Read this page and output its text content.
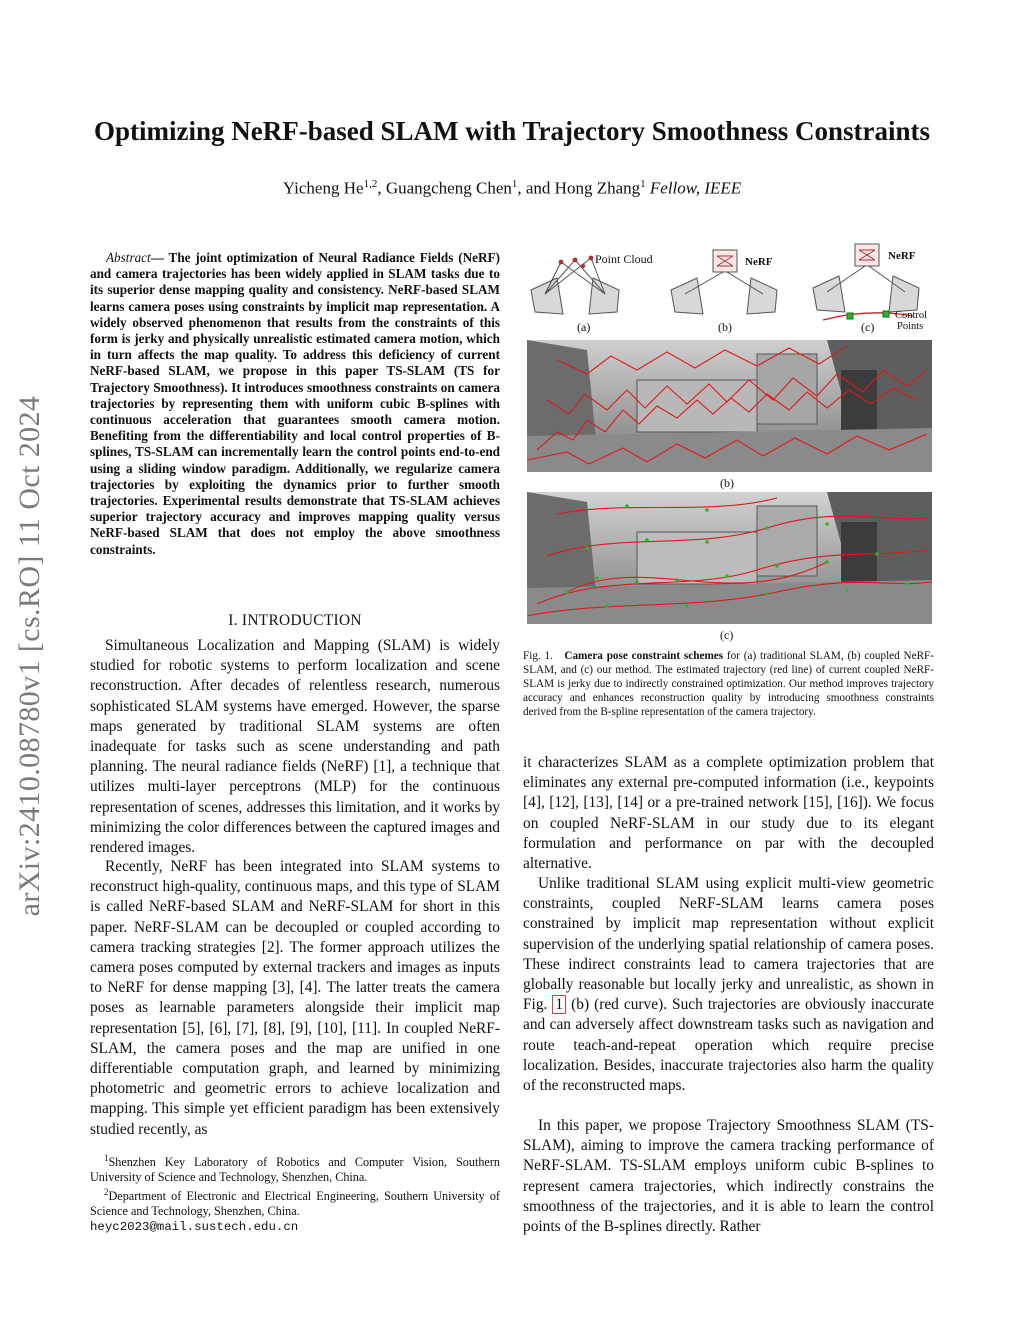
arXiv:2410.08780v1 [cs.RO] 11 Oct 2024
Optimizing NeRF-based SLAM with Trajectory Smoothness Constraints
Yicheng He$^{1,2}$, Guangcheng Chen$^1$, and Hong Zhang$^1$ Fellow, IEEE

Abstract— The joint optimization of Neural Radiance Fields (NeRF) and camera trajectories has been widely applied in SLAM tasks due to its superior dense mapping quality and consistency. NeRF-based SLAM learns camera poses using constraints by implicit map representation. A widely observed phenomenon that results from the constraints of this form is jerky and physically unrealistic estimated camera motion, which in turn affects the map quality. To address this deficiency of current NeRF-based SLAM, we propose in this paper TS-SLAM (TS for Trajectory Smoothness). It introduces smoothness constraints on camera trajectories by representing them with uniform cubic B-splines with continuous acceleration that guarantees smooth camera motion. Benefiting from the differentiability and local control properties of B-splines, TS-SLAM can incrementally learn the control points end-to-end using a sliding window paradigm. Additionally, we regularize camera trajectories by exploiting the dynamics prior to further smooth trajectories. Experimental results demonstrate that TS-SLAM achieves superior trajectory accuracy and improves mapping quality versus NeRF-based SLAM that does not employ the above smoothness constraints.

I. INTRODUCTION

Simultaneous Localization and Mapping (SLAM) is widely studied for robotic systems to perform localization and scene reconstruction. After decades of relentless research, numerous sophisticated SLAM systems have emerged. However, the sparse maps generated by traditional SLAM systems are often inadequate for tasks such as scene understanding and path planning. The neural radiance fields (NeRF) [1], a technique that utilizes multi-layer perceptrons (MLP) for the continuous representation of scenes, addresses this limitation, and it works by minimizing the color differences between the captured images and rendered images.

Recently, NeRF has been integrated into SLAM systems to reconstruct high-quality, continuous maps, and this type of SLAM is called NeRF-based SLAM and NeRF-SLAM for short in this paper. NeRF-SLAM can be decoupled or coupled according to camera tracking strategies [2]. The former approach utilizes the camera poses computed by external trackers and images as inputs to NeRF for dense mapping [3], [4]. The latter treats the camera poses as learnable parameters alongside their implicit map representation [5], [6], [7], [8], [9], [10], [11]. In coupled NeRF-SLAM, the camera poses and the map are unified in one differentiable computation graph, and learned by minimizing photometric and geometric errors to achieve localization and mapping. This simple yet efficient paradigm has been extensively studied recently, as

$^1$Shenzhen Key Laboratory of Robotics and Computer Vision, Southern University of Science and Technology, Shenzhen, China.

$^2$Department of Electronic and Electrical Engineering, Southern University of Science and Technology, Shenzhen, China.

heyc2023@mail.sustech.edu.cn

Point Cloud	NeRF	NeRF
Control
Points
(a)	(b)	(c)
(b)
(c)

Fig. 1. Camera pose constraint schemes for (a) traditional SLAM, (b) coupled NeRF-SLAM, and (c) our method. The estimated trajectory (red line) of current coupled NeRF-SLAM is jerky due to indirectly constrained optimization. Our method improves trajectory accuracy and enhances reconstruction quality by introducing smoothness constraints derived from the B-spline representation of the camera trajectory.

it characterizes SLAM as a complete optimization problem that eliminates any external pre-computed information (i.e., keypoints [4], [12], [13], [14] or a pre-trained network [15], [16]). We focus on coupled NeRF-SLAM in our study due to its elegant formulation and performance on par with the decoupled alternative.

Unlike traditional SLAM using explicit multi-view geometric constraints, coupled NeRF-SLAM learns camera poses constrained by implicit map representation without explicit supervision of the underlying spatial relationship of camera poses. These indirect constraints lead to camera trajectories that are globally reasonable but locally jerky and unrealistic, as shown in Fig. 1 (b) (red curve). Such trajectories are obviously inaccurate and can adversely affect downstream tasks such as navigation and route teach-and-repeat operation which require precise localization. Besides, inaccurate trajectories also harm the quality of the reconstructed maps.

In this paper, we propose Trajectory Smoothness SLAM (TS-SLAM), aiming to improve the camera tracking performance of NeRF-SLAM. TS-SLAM employs uniform cubic B-splines to represent camera trajectories, which indirectly constrains the smoothness of the trajectories, and it is able to learn the control points of the B-splines directly. Rather
